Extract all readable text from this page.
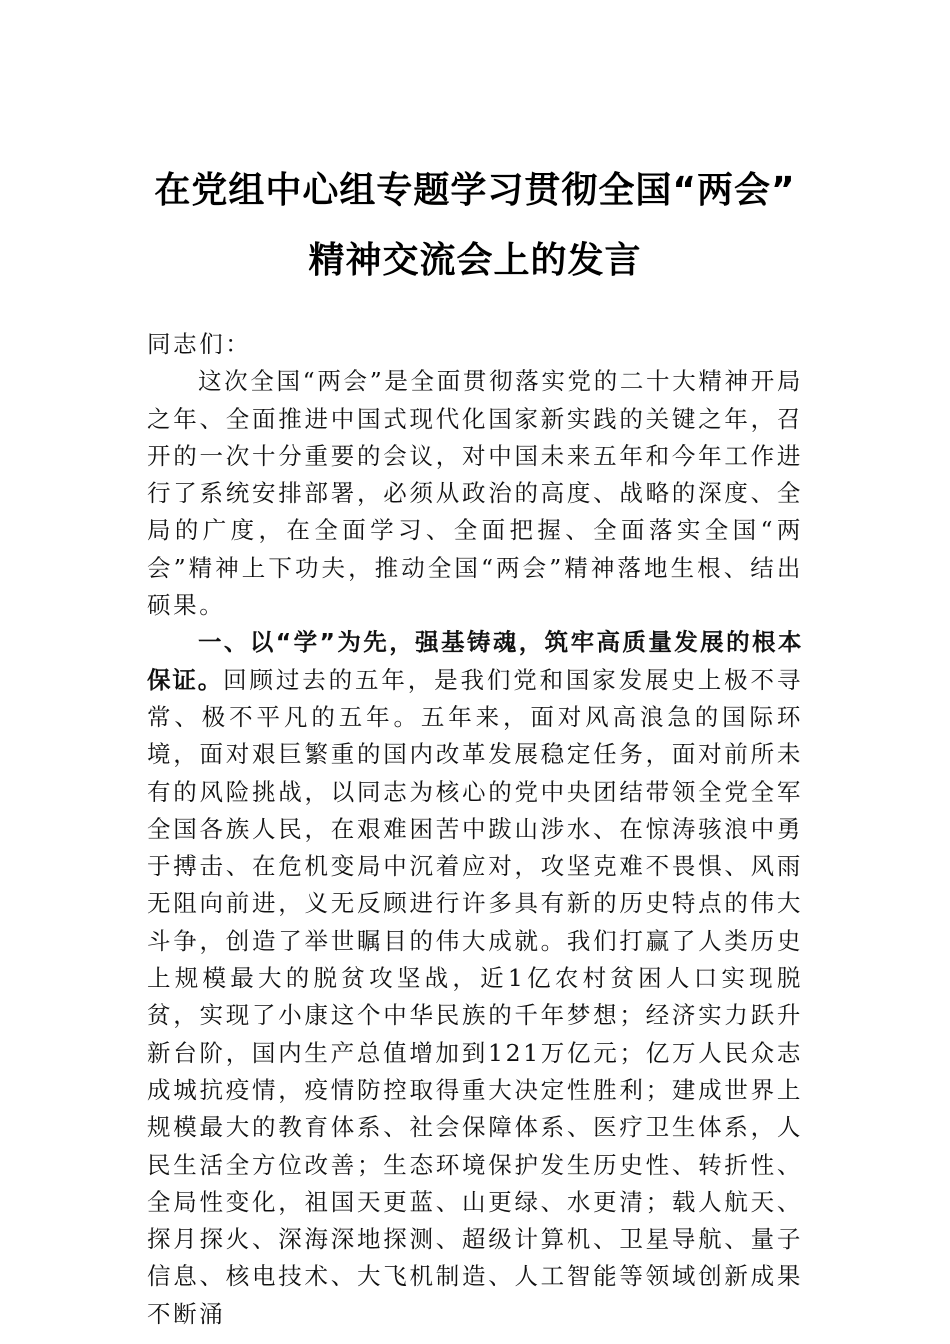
在党组中心组专题学习贯彻全国“两会”
精神交流会上的发言

同志们：

这次全国“两会”是全面贯彻落实党的二十大精神开局之年、全面推进中国式现代化国家新实践的关键之年，召开的一次十分重要的会议，对中国未来五年和今年工作进行了系统安排部署，必须从政治的高度、战略的深度、全局的广度，在全面学习、全面把握、全面落实全国“两会”精神上下功夫，推动全国“两会”精神落地生根、结出硕果。

一、以“学”为先，强基铸魂，筑牢高质量发展的根本保证。回顾过去的五年，是我们党和国家发展史上极不寻常、极不平凡的五年。五年来，面对风高浪急的国际环境，面对艰巨繁重的国内改革发展稳定任务，面对前所未有的风险挑战，以同志为核心的党中央团结带领全党全军全国各族人民，在艰难困苦中跋山涉水、在惊涛骇浪中勇于搏击、在危机变局中沉着应对，攻坚克难不畏惧、风雨无阻向前进，义无反顾进行许多具有新的历史特点的伟大斗争，创造了举世瞩目的伟大成就。我们打赢了人类历史上规模最大的脱贫攻坚战，近1亿农村贫困人口实现脱贫，实现了小康这个中华民族的千年梦想；经济实力跃升新台阶，国内生产总值增加到121万亿元；亿万人民众志成城抗疫情，疫情防控取得重大决定性胜利；建成世界上规模最大的教育体系、社会保障体系、医疗卫生体系，人民生活全方位改善；生态环境保护发生历史性、转折性、全局性变化，祖国天更蓝、山更绿、水更清；载人航天、探月探火、深海深地探测、超级计算机、卫星导航、量子信息、核电技术、大飞机制造、人工智能等领域创新成果不断涌
